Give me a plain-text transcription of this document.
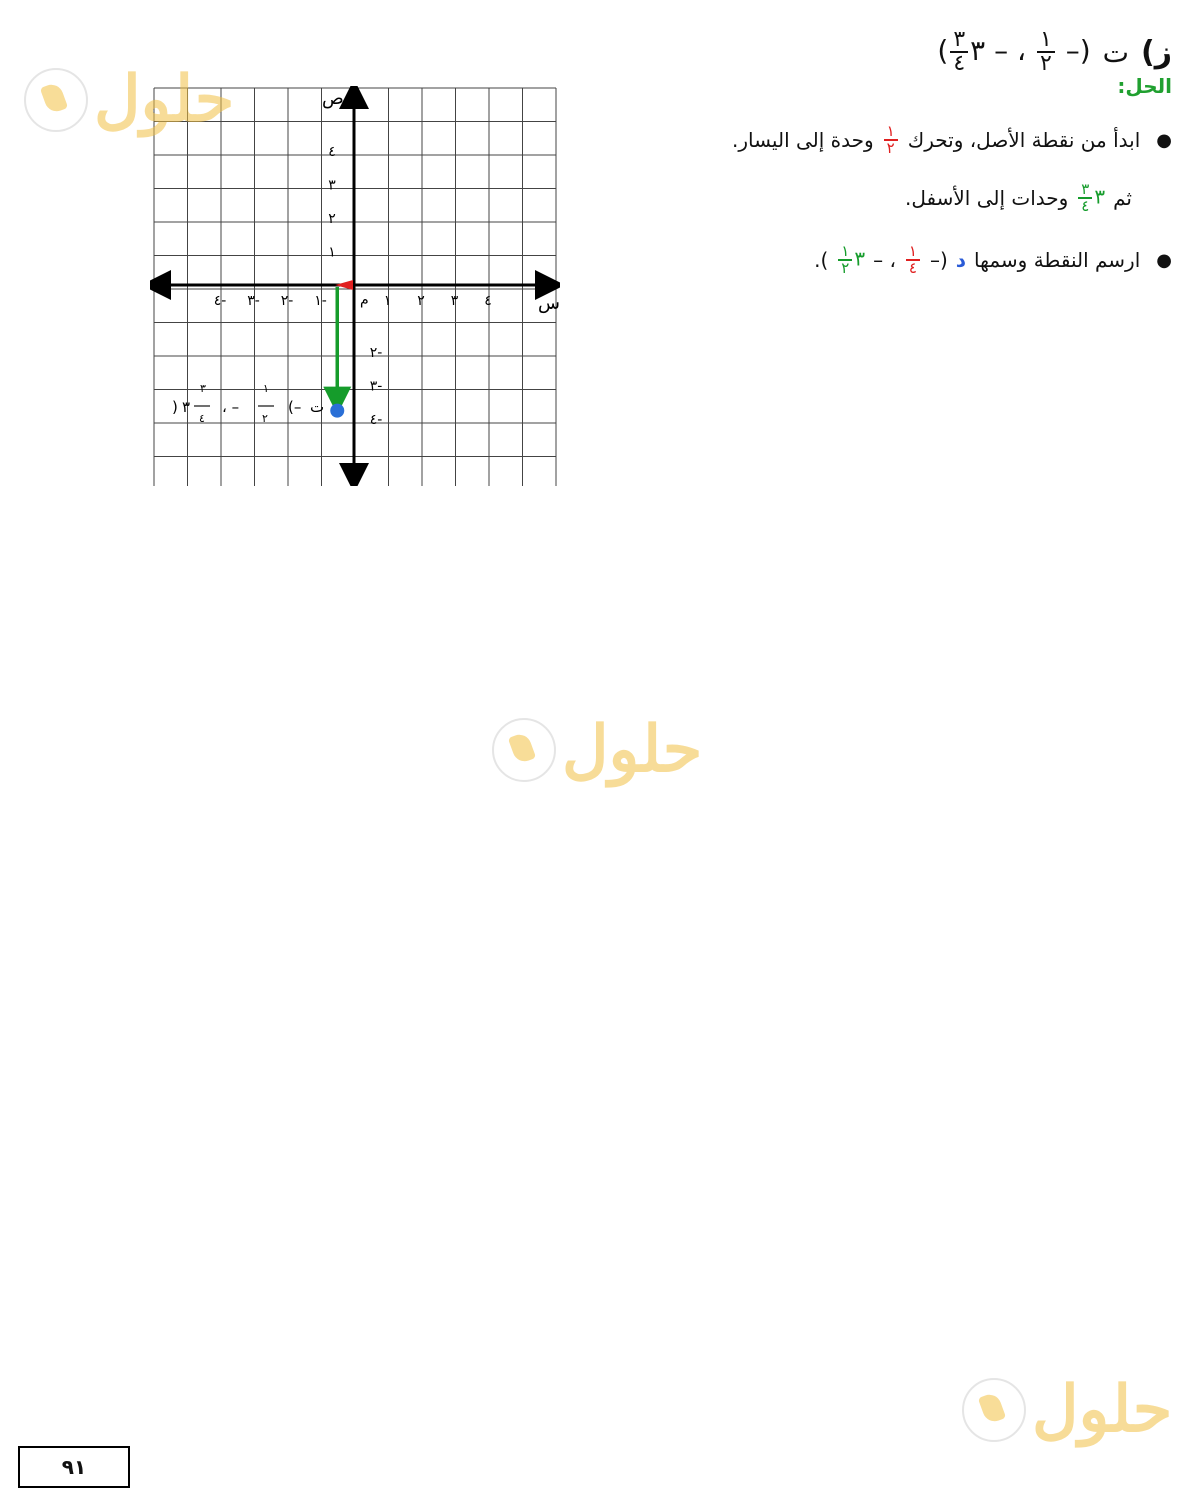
ز)
ت
(–
$\frac{١}{٢}$
، – ٣
$\frac{٣}{٤}$
)
الحل:
●
ابدأ من نقطة الأصل، وتحرك
$\frac{١}{٢}$
وحدة إلى اليسار.
ثم
٣
$\frac{٣}{٤}$
وحدات إلى الأسفل.
●
ارسم النقطة وسمها
د
(–
$\frac{١}{٤}$
، –
٣
$\frac{١}{٢}$
).
س
ص
م ١ ٢ ٣ ٤
١-
٢-
٣-
٤-
١
٢
٣
٤
٢-
٣-
٤-
ت
(–
١
٢
، –
٣
٤
٣
)
حلول
حلول
حلول
٩١
